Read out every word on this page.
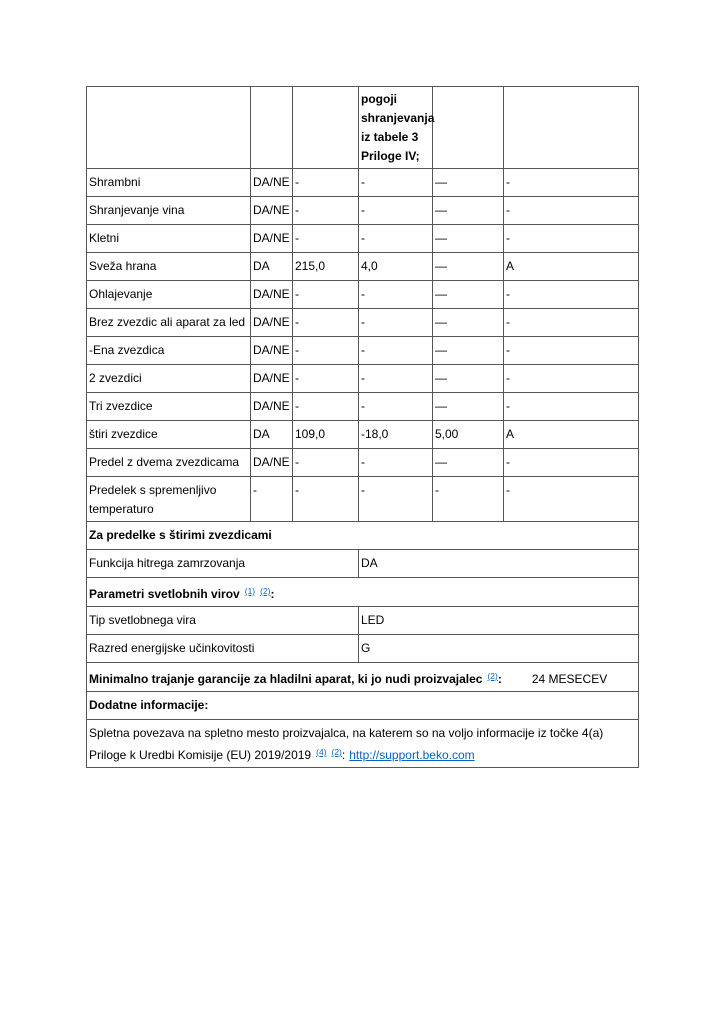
			pogoji shranjevanja iz tabele 3 Priloge IV;		
Shrambni	DA/NE	-	-	—	-
Shranjevanje vina	DA/NE	-	-	—	-
Kletni	DA/NE	-	-	—	-
Sveža hrana	DA	215,0	4,0	—	A
Ohlajevanje	DA/NE	-	-	—	-
Brez zvezdic ali aparat za led	DA/NE	-	-	—	-
-Ena zvezdica	DA/NE	-	-	—	-
2 zvezdici	DA/NE	-	-	—	-
Tri zvezdice	DA/NE	-	-	—	-
štiri zvezdice	DA	109,0	-18,0	5,00	A
Predel z dvema zvezdicama	DA/NE	-	-	—	-
Predelek s spremenljivo temperaturo	-	-	-	-	-
Za predelke s štirimi zvezdicami					
Funkcija hitrega zamrzovanja			DA		
Parametri svetlobnih virov $^{(1)}$ $^{(2)}$:					
Tip svetlobnega vira			LED		
Razred energijske učinkovitosti			G		
Minimalno trajanje garancije za hladilni aparat, ki jo nudi proizvajalec $^{(2)}$: 24 MESECEV					
Dodatne informacije:					
Spletna povezava na spletno mesto proizvajalca, na katerem so na voljo informacije iz točke 4(a)
Priloge k Uredbi Komisije (EU) 2019/2019 $^{(4)}$ $^{(2)}$: http://support.beko.com					
